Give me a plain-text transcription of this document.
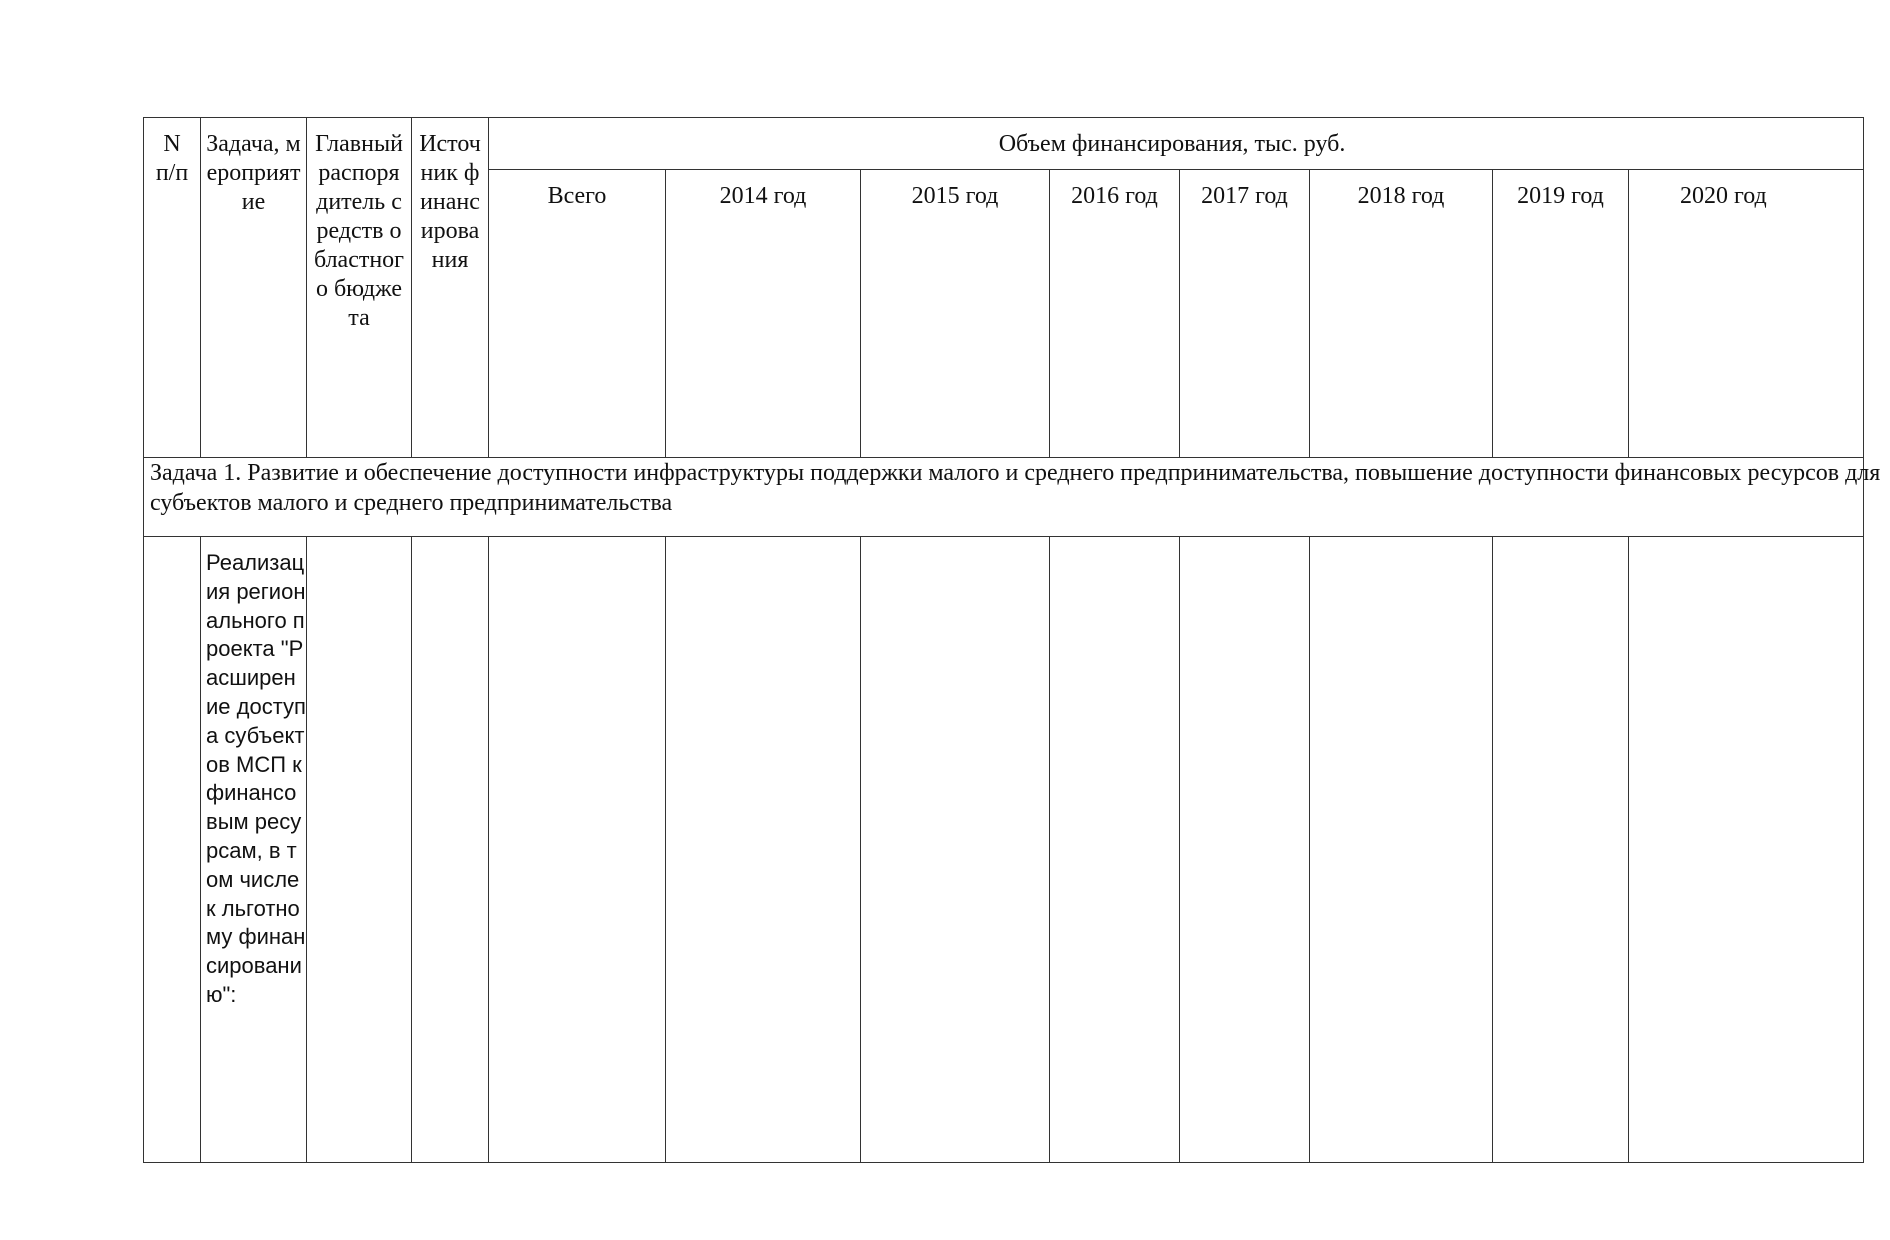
N п/п	Задача, мероприятие	Главный распорядитель средств областного бюджета	Источник финансирования	Объем финансирования, тыс. руб.							

				Всего	2014 год	2015 год	2016 год	2017 год	2018 год	2019 год	2020 год

Задача 1. Развитие и обеспечение доступности инфраструктуры поддержки малого и среднего предпринимательства, повышение доступности финансовых ресурсов для субъектов малого и среднего предпринимательства											

	Реализация регионального проекта "Расширение доступа субъектов МСП к финансовым ресурсам, в том числе к льготному финансированию":										
